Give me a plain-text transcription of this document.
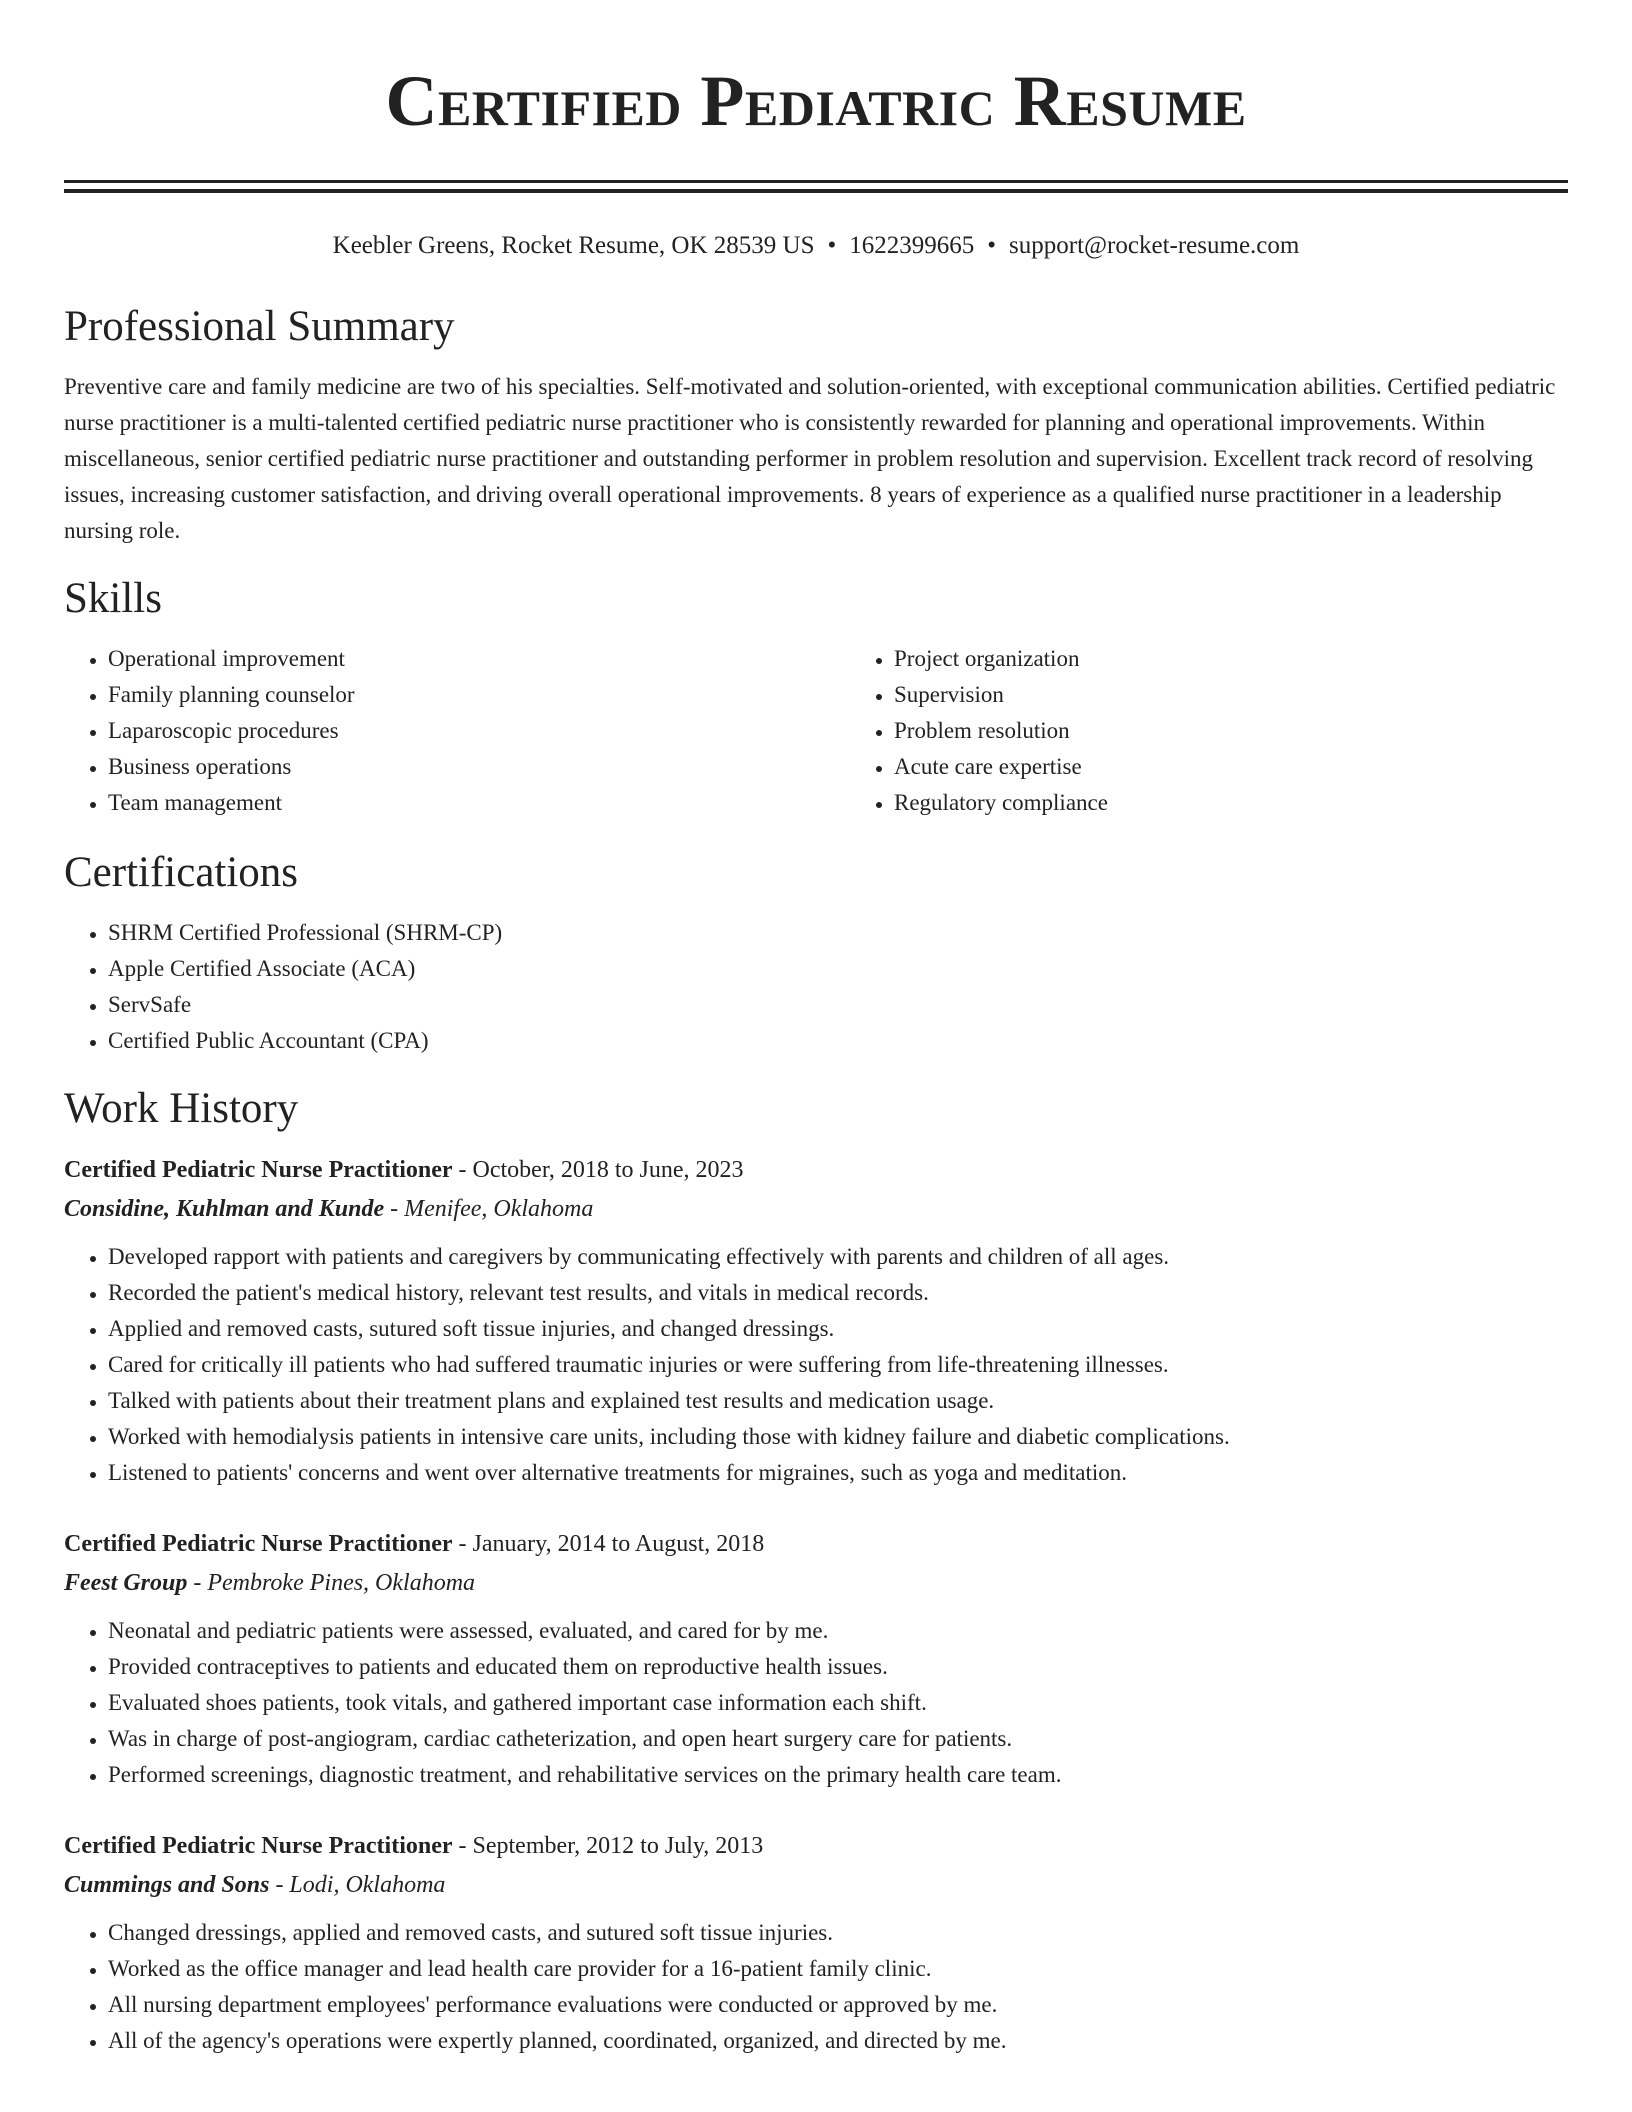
Certified Pediatric Resume
Keebler Greens, Rocket Resume, OK 28539 US • 1622399665 • support@rocket-resume.com
Professional Summary

Preventive care and family medicine are two of his specialties. Self-motivated and solution-oriented, with exceptional communication abilities. Certified pediatric nurse practitioner is a multi-talented certified pediatric nurse practitioner who is consistently rewarded for planning and operational improvements. Within miscellaneous, senior certified pediatric nurse practitioner and outstanding performer in problem resolution and supervision. Excellent track record of resolving issues, increasing customer satisfaction, and driving overall operational improvements. 8 years of experience as a qualified nurse practitioner in a leadership nursing role.

Skills
• Operational improvement
• Family planning counselor
• Laparoscopic procedures
• Business operations
• Team management
• Project organization
• Supervision
• Problem resolution
• Acute care expertise
• Regulatory compliance
Certifications
• SHRM Certified Professional (SHRM-CP)
• Apple Certified Associate (ACA)
• ServSafe
• Certified Public Accountant (CPA)
Work History
Certified Pediatric Nurse Practitioner - October, 2018 to June, 2023
Considine, Kuhlman and Kunde - Menifee, Oklahoma
• Developed rapport with patients and caregivers by communicating effectively with parents and children of all ages.
• Recorded the patient's medical history, relevant test results, and vitals in medical records.
• Applied and removed casts, sutured soft tissue injuries, and changed dressings.
• Cared for critically ill patients who had suffered traumatic injuries or were suffering from life-threatening illnesses.
• Talked with patients about their treatment plans and explained test results and medication usage.
• Worked with hemodialysis patients in intensive care units, including those with kidney failure and diabetic complications.
• Listened to patients' concerns and went over alternative treatments for migraines, such as yoga and meditation.
Certified Pediatric Nurse Practitioner - January, 2014 to August, 2018
Feest Group - Pembroke Pines, Oklahoma
• Neonatal and pediatric patients were assessed, evaluated, and cared for by me.
• Provided contraceptives to patients and educated them on reproductive health issues.
• Evaluated shoes patients, took vitals, and gathered important case information each shift.
• Was in charge of post-angiogram, cardiac catheterization, and open heart surgery care for patients.
• Performed screenings, diagnostic treatment, and rehabilitative services on the primary health care team.
Certified Pediatric Nurse Practitioner - September, 2012 to July, 2013
Cummings and Sons - Lodi, Oklahoma
• Changed dressings, applied and removed casts, and sutured soft tissue injuries.
• Worked as the office manager and lead health care provider for a 16-patient family clinic.
• All nursing department employees' performance evaluations were conducted or approved by me.
• All of the agency's operations were expertly planned, coordinated, organized, and directed by me.
